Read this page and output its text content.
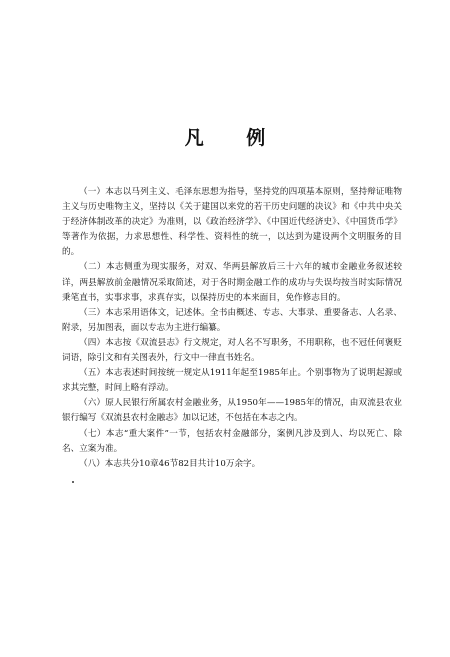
凡 例

（一）本志以马列主义、毛泽东思想为指导，坚持党的四项基本原则，坚持辩证唯物主义与历史唯物主义，坚持以《关于建国以来党的若干历史问题的决议》和《中共中央关于经济体制改革的决定》为准则，以《政治经济学》、《中国近代经济史》、《中国货币学》等著作为依据，力求思想性、科学性、资料性的统一，以达到为建设两个文明服务的目的。

（二）本志侧重为现实服务，对双、华两县解放后三十六年的城市金融业务叙述较详，两县解放前金融情况采取简述，对于各时期金融工作的成功与失误均按当时实际情况秉笔直书，实事求事，求真存实，以保持历史的本来面目，免作修志目的。

（三）本志采用语体文，记述体。全书由概述、专志、大事录、重要备志、人名录、附录，另加图表，面以专志为主进行编纂。

（四）本志按《双流县志》行文规定，对人名不写职务，不用职称，也不冠任何褒贬词语，除引文和有关图表外，行文中一律直书姓名。

（五）本志表述时间按统一规定从1911年起至1985年止。个别事物为了说明起源或求其完整，时间上略有浮动。

（六）原人民银行所属农村金融业务，从1950年——1985年的情况，由双流县农业银行编写《双流县农村金融志》加以记述，不包括在本志之内。

（七）本志“重大案件”一节，包括农村金融部分，案例凡涉及到人、均以死亡、除名、立案为准。

（八）本志共分10章46节82目共计10万余字。
